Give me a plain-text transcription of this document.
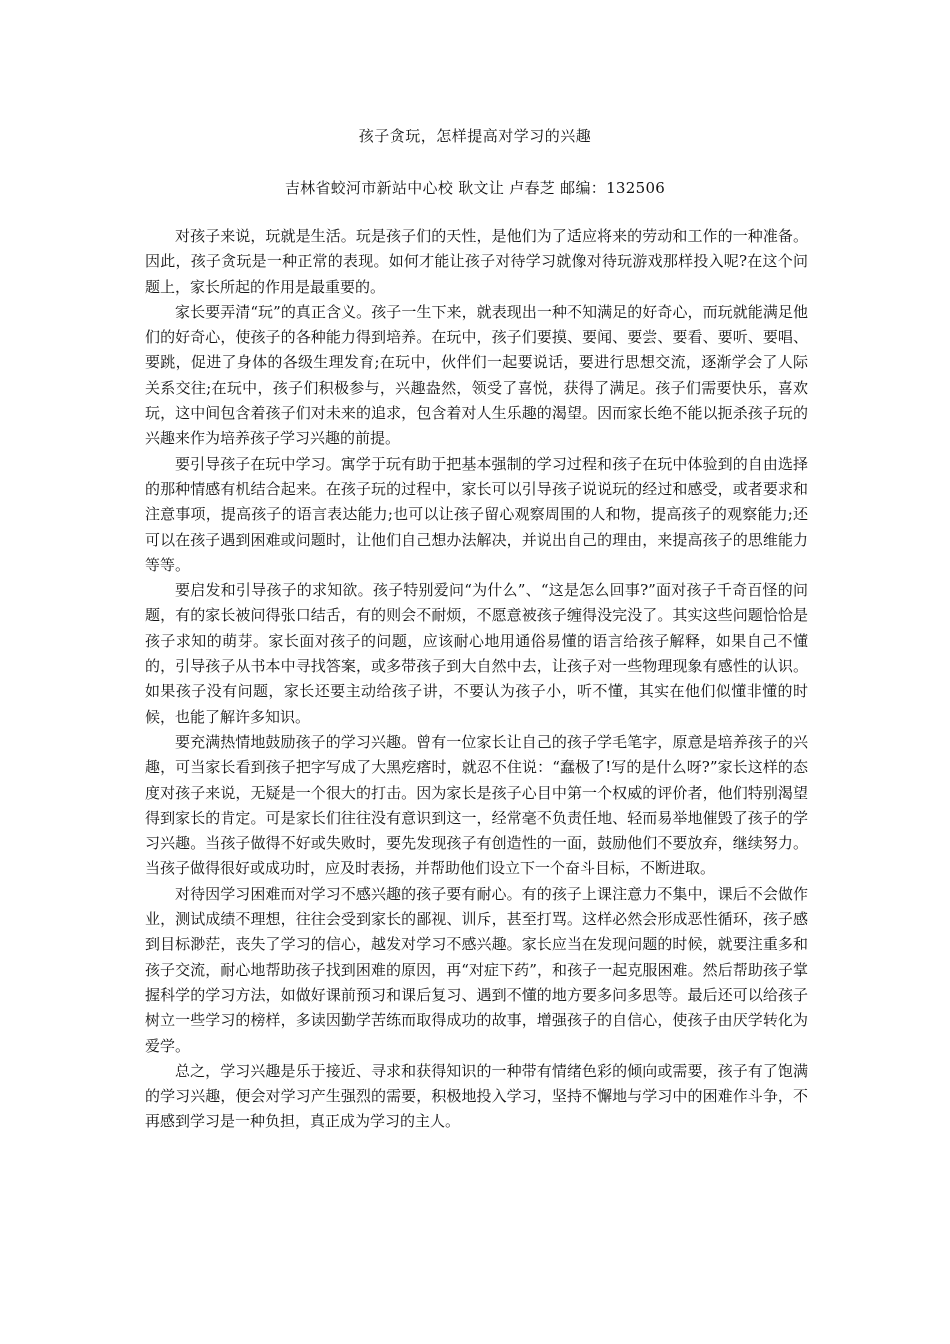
孩子贪玩，怎样提高对学习的兴趣
吉林省蛟河市新站中心校 耿文让 卢春芝 邮编：132506

对孩子来说，玩就是生活。玩是孩子们的天性，是他们为了适应将来的劳动和工作的一种准备。因此，孩子贪玩是一种正常的表现。如何才能让孩子对待学习就像对待玩游戏那样投入呢?在这个问题上，家长所起的作用是最重要的。

家长要弄清“玩”的真正含义。孩子一生下来，就表现出一种不知满足的好奇心，而玩就能满足他们的好奇心，使孩子的各种能力得到培养。在玩中，孩子们要摸、要闻、要尝、要看、要听、要唱、要跳，促进了身体的各级生理发育;在玩中，伙伴们一起要说话，要进行思想交流，逐渐学会了人际关系交往;在玩中，孩子们积极参与，兴趣盎然，领受了喜悦，获得了满足。孩子们需要快乐，喜欢玩，这中间包含着孩子们对未来的追求，包含着对人生乐趣的渴望。因而家长绝不能以扼杀孩子玩的兴趣来作为培养孩子学习兴趣的前提。

要引导孩子在玩中学习。寓学于玩有助于把基本强制的学习过程和孩子在玩中体验到的自由选择的那种情感有机结合起来。在孩子玩的过程中，家长可以引导孩子说说玩的经过和感受，或者要求和注意事项，提高孩子的语言表达能力;也可以让孩子留心观察周围的人和物，提高孩子的观察能力;还可以在孩子遇到困难或问题时，让他们自己想办法解决，并说出自己的理由，来提高孩子的思维能力等等。

要启发和引导孩子的求知欲。孩子特别爱问“为什么”、“这是怎么回事?”面对孩子千奇百怪的问题，有的家长被问得张口结舌，有的则会不耐烦，不愿意被孩子缠得没完没了。其实这些问题恰恰是孩子求知的萌芽。家长面对孩子的问题，应该耐心地用通俗易懂的语言给孩子解释，如果自己不懂的，引导孩子从书本中寻找答案，或多带孩子到大自然中去，让孩子对一些物理现象有感性的认识。如果孩子没有问题，家长还要主动给孩子讲，不要认为孩子小，听不懂，其实在他们似懂非懂的时候，也能了解许多知识。

要充满热情地鼓励孩子的学习兴趣。曾有一位家长让自己的孩子学毛笔字，原意是培养孩子的兴趣，可当家长看到孩子把字写成了大黑疙瘩时，就忍不住说：“蠢极了!写的是什么呀?”家长这样的态度对孩子来说，无疑是一个很大的打击。因为家长是孩子心目中第一个权威的评价者，他们特别渴望得到家长的肯定。可是家长们往往没有意识到这一，经常毫不负责任地、轻而易举地催毁了孩子的学习兴趣。当孩子做得不好或失败时，要先发现孩子有创造性的一面，鼓励他们不要放弃，继续努力。当孩子做得很好或成功时，应及时表扬，并帮助他们设立下一个奋斗目标，不断进取。

对待因学习困难而对学习不感兴趣的孩子要有耐心。有的孩子上课注意力不集中，课后不会做作业，测试成绩不理想，往往会受到家长的鄙视、训斥，甚至打骂。这样必然会形成恶性循环，孩子感到目标渺茫，丧失了学习的信心，越发对学习不感兴趣。家长应当在发现问题的时候，就要注重多和孩子交流，耐心地帮助孩子找到困难的原因，再“对症下药”，和孩子一起克服困难。然后帮助孩子掌握科学的学习方法，如做好课前预习和课后复习、遇到不懂的地方要多问多思等。最后还可以给孩子树立一些学习的榜样，多读因勤学苦练而取得成功的故事，增强孩子的自信心，使孩子由厌学转化为爱学。

总之，学习兴趣是乐于接近、寻求和获得知识的一种带有情绪色彩的倾向或需要，孩子有了饱满的学习兴趣，便会对学习产生强烈的需要，积极地投入学习，坚持不懈地与学习中的困难作斗争，不再感到学习是一种负担，真正成为学习的主人。
